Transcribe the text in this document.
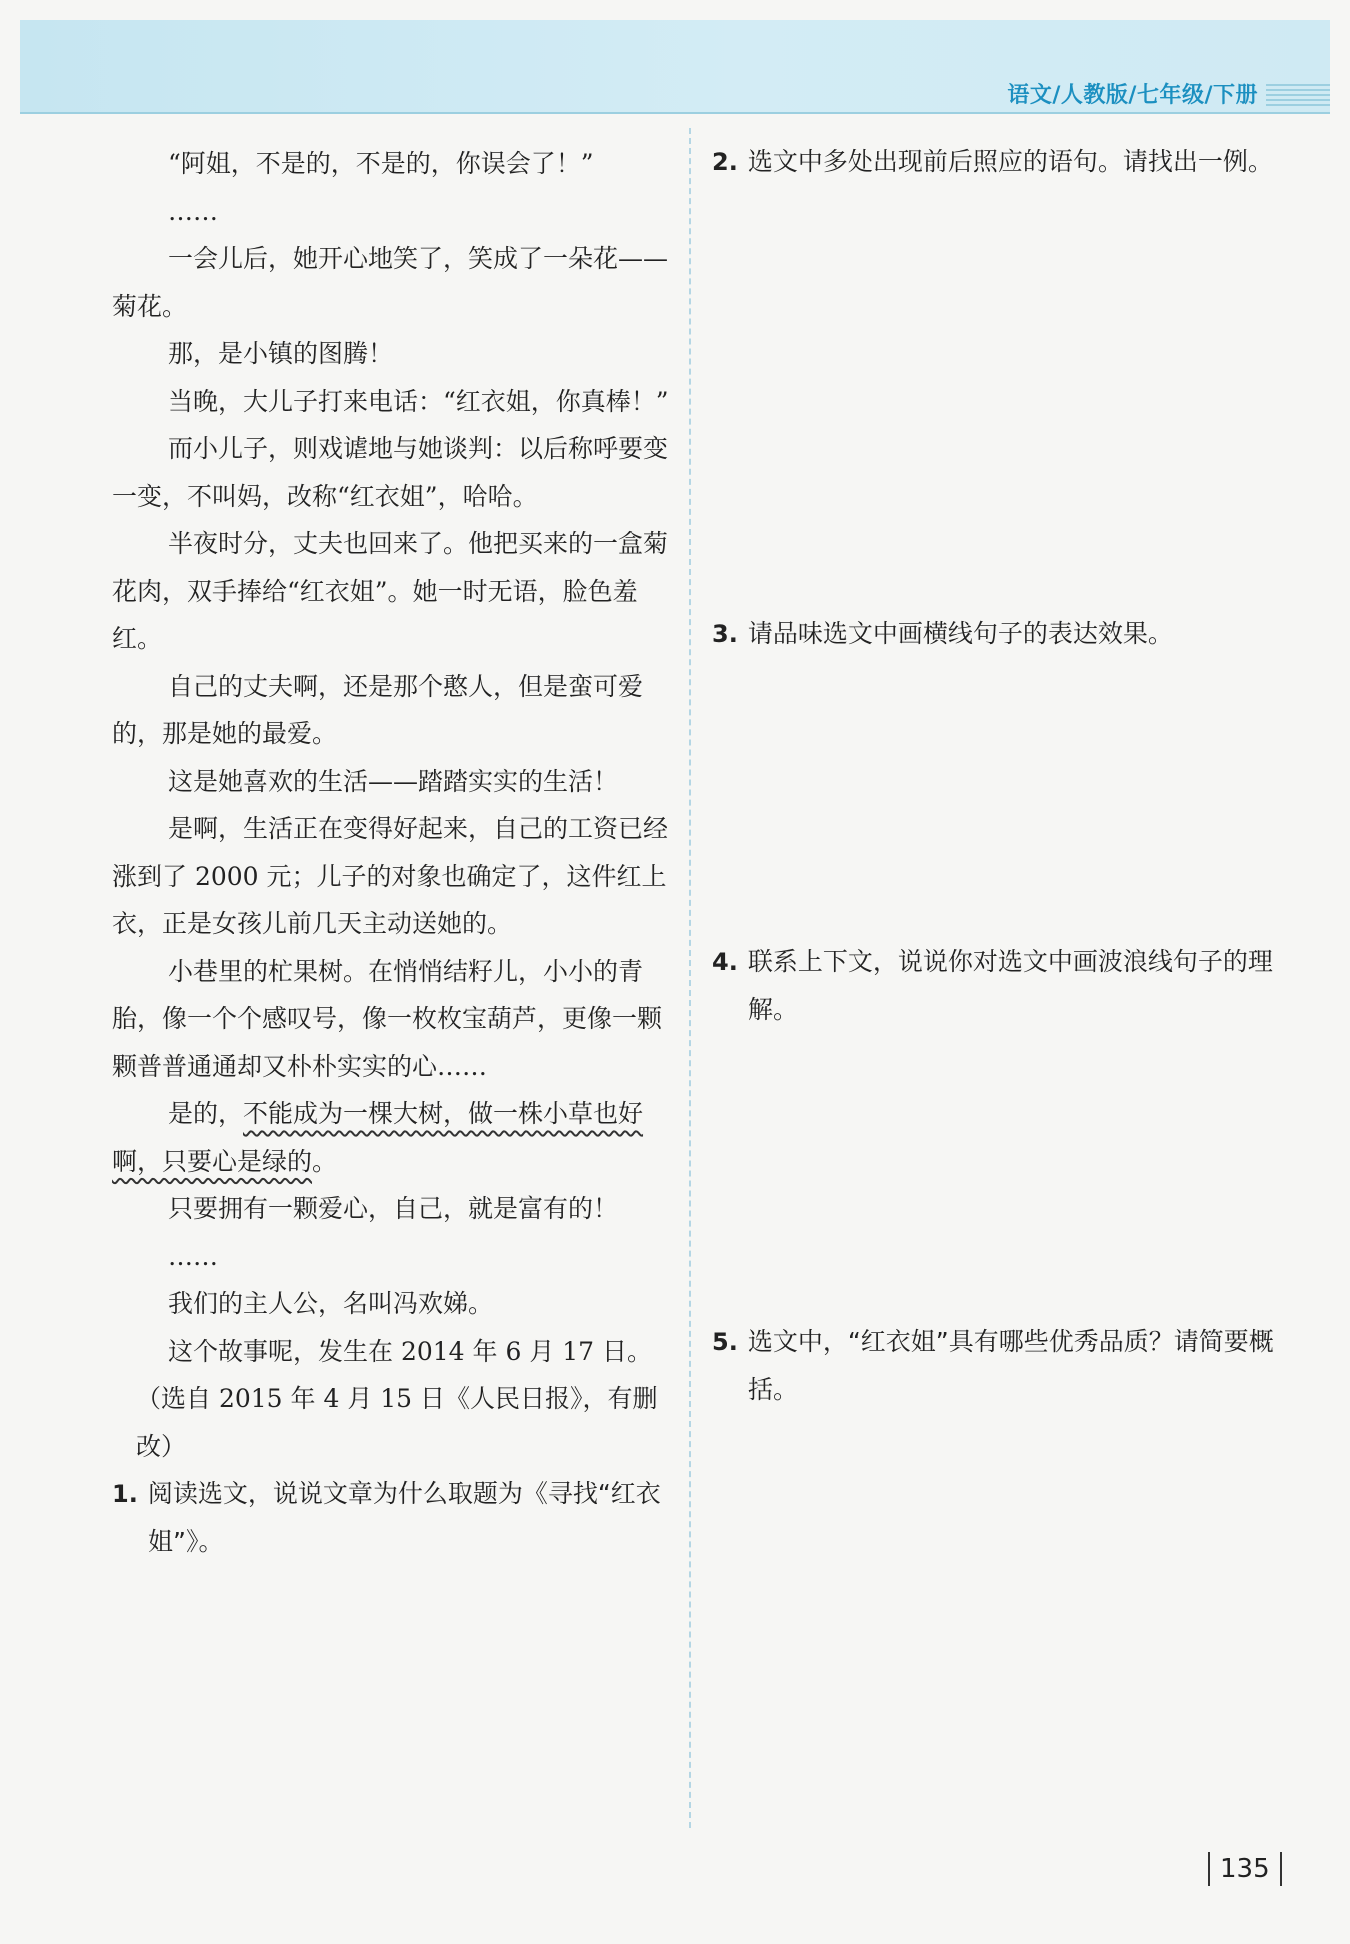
语文/人教版/七年级/下册

“阿姐，不是的，不是的，你误会了！”

……

一会儿后，她开心地笑了，笑成了一朵花——菊花。

那，是小镇的图腾！

当晚，大儿子打来电话：“红衣姐，你真棒！”

而小儿子，则戏谑地与她谈判：以后称呼要变一变，不叫妈，改称“红衣姐”，哈哈。

半夜时分，丈夫也回来了。他把买来的一盒菊花肉，双手捧给“红衣姐”。她一时无语，脸色羞红。

自己的丈夫啊，还是那个憨人，但是蛮可爱的，那是她的最爱。

这是她喜欢的生活——踏踏实实的生活！

是啊，生活正在变得好起来，自己的工资已经涨到了 2000 元；儿子的对象也确定了，这件红上衣，正是女孩儿前几天主动送她的。

小巷里的杧果树。在悄悄结籽儿，小小的青胎，像一个个感叹号，像一枚枚宝葫芦，更像一颗颗普普通通却又朴朴实实的心……

是的，不能成为一棵大树，做一株小草也好啊，只要心是绿的。

只要拥有一颗爱心，自己，就是富有的！

……

我们的主人公，名叫冯欢娣。

这个故事呢，发生在 2014 年 6 月 17 日。

（选自 2015 年 4 月 15 日《人民日报》，有删改）

1. 阅读选文，说说文章为什么取题为《寻找“红衣姐”》。

2. 选文中多处出现前后照应的语句。请找出一例。
3. 请品味选文中画横线句子的表达效果。
4. 联系上下文，说说你对选文中画波浪线句子的理解。
5. 选文中，“红衣姐”具有哪些优秀品质？请简要概括。
135
